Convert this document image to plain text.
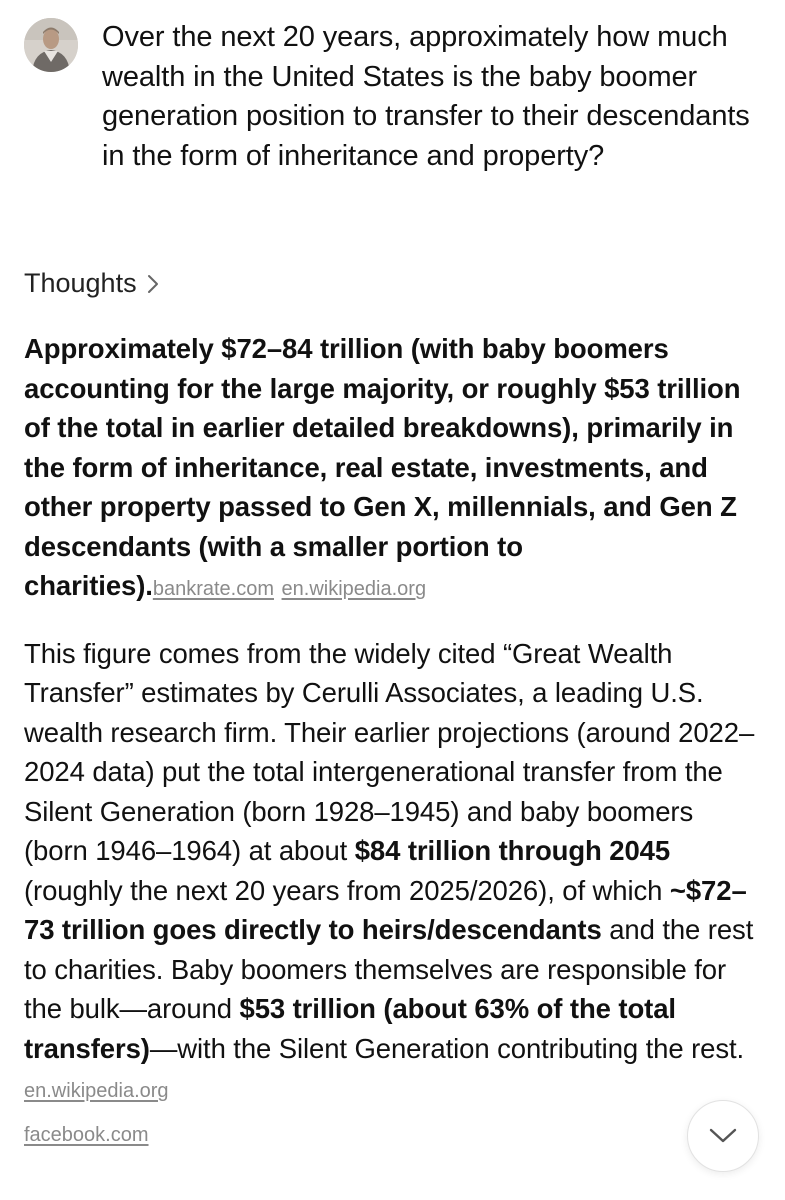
Over the next 20 years, approximately how much wealth in the United States is the baby boomer generation position to transfer to their descendants in the form of inheritance and property?

Thoughts

Approximately $72–84 trillion (with baby boomers accounting for the large majority, or roughly $53 trillion of the total in earlier detailed breakdowns), primarily in the form of inheritance, real estate, investments, and other property passed to Gen X, millennials, and Gen Z descendants (with a smaller portion to charities).bankrate.com en.wikipedia.org

This figure comes from the widely cited “Great Wealth Transfer” estimates by Cerulli Associates, a leading U.S. wealth research firm. Their earlier projections (around 2022–2024 data) put the total intergenerational transfer from the Silent Generation (born 1928–1945) and baby boomers (born 1946–1964) at about $84 trillion through 2045 (roughly the next 20 years from 2025/2026), of which ~$72–73 trillion goes directly to heirs/descendants and the rest to charities. Baby boomers themselves are responsible for the bulk—around $53 trillion (about 63% of the total transfers)—with the Silent Generation contributing the rest. en.wikipedia.org
facebook.com
